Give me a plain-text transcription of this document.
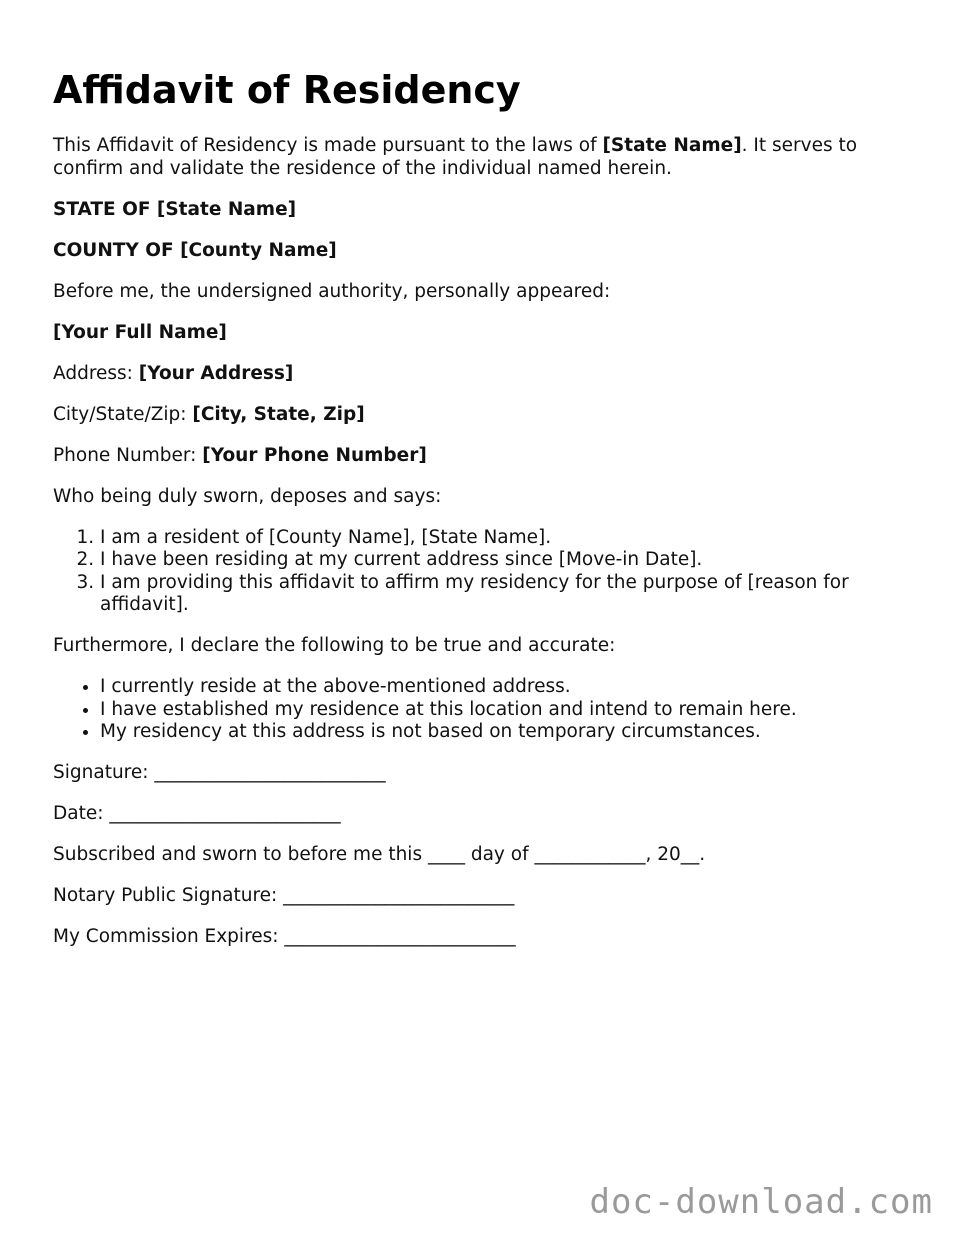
Affidavit of Residency

This Affidavit of Residency is made pursuant to the laws of [State Name]. It serves to confirm and validate the residence of the individual named herein.

STATE OF [State Name]

COUNTY OF [County Name]

Before me, the undersigned authority, personally appeared:

[Your Full Name]

Address: [Your Address]

City/State/Zip: [City, State, Zip]

Phone Number: [Your Phone Number]

Who being duly sworn, deposes and says:

1. I am a resident of [County Name], [State Name].
2. I have been residing at my current address since [Move-in Date].
3. I am providing this affidavit to affirm my residency for the purpose of [reason for affidavit].

Furthermore, I declare the following to be true and accurate:

• I currently reside at the above-mentioned address.
• I have established my residence at this location and intend to remain here.
• My residency at this address is not based on temporary circumstances.

Signature: _________________________

Date: _________________________

Subscribed and sworn to before me this ____ day of ____________, 20__.

Notary Public Signature: _________________________

My Commission Expires: _________________________

doc-download.com
